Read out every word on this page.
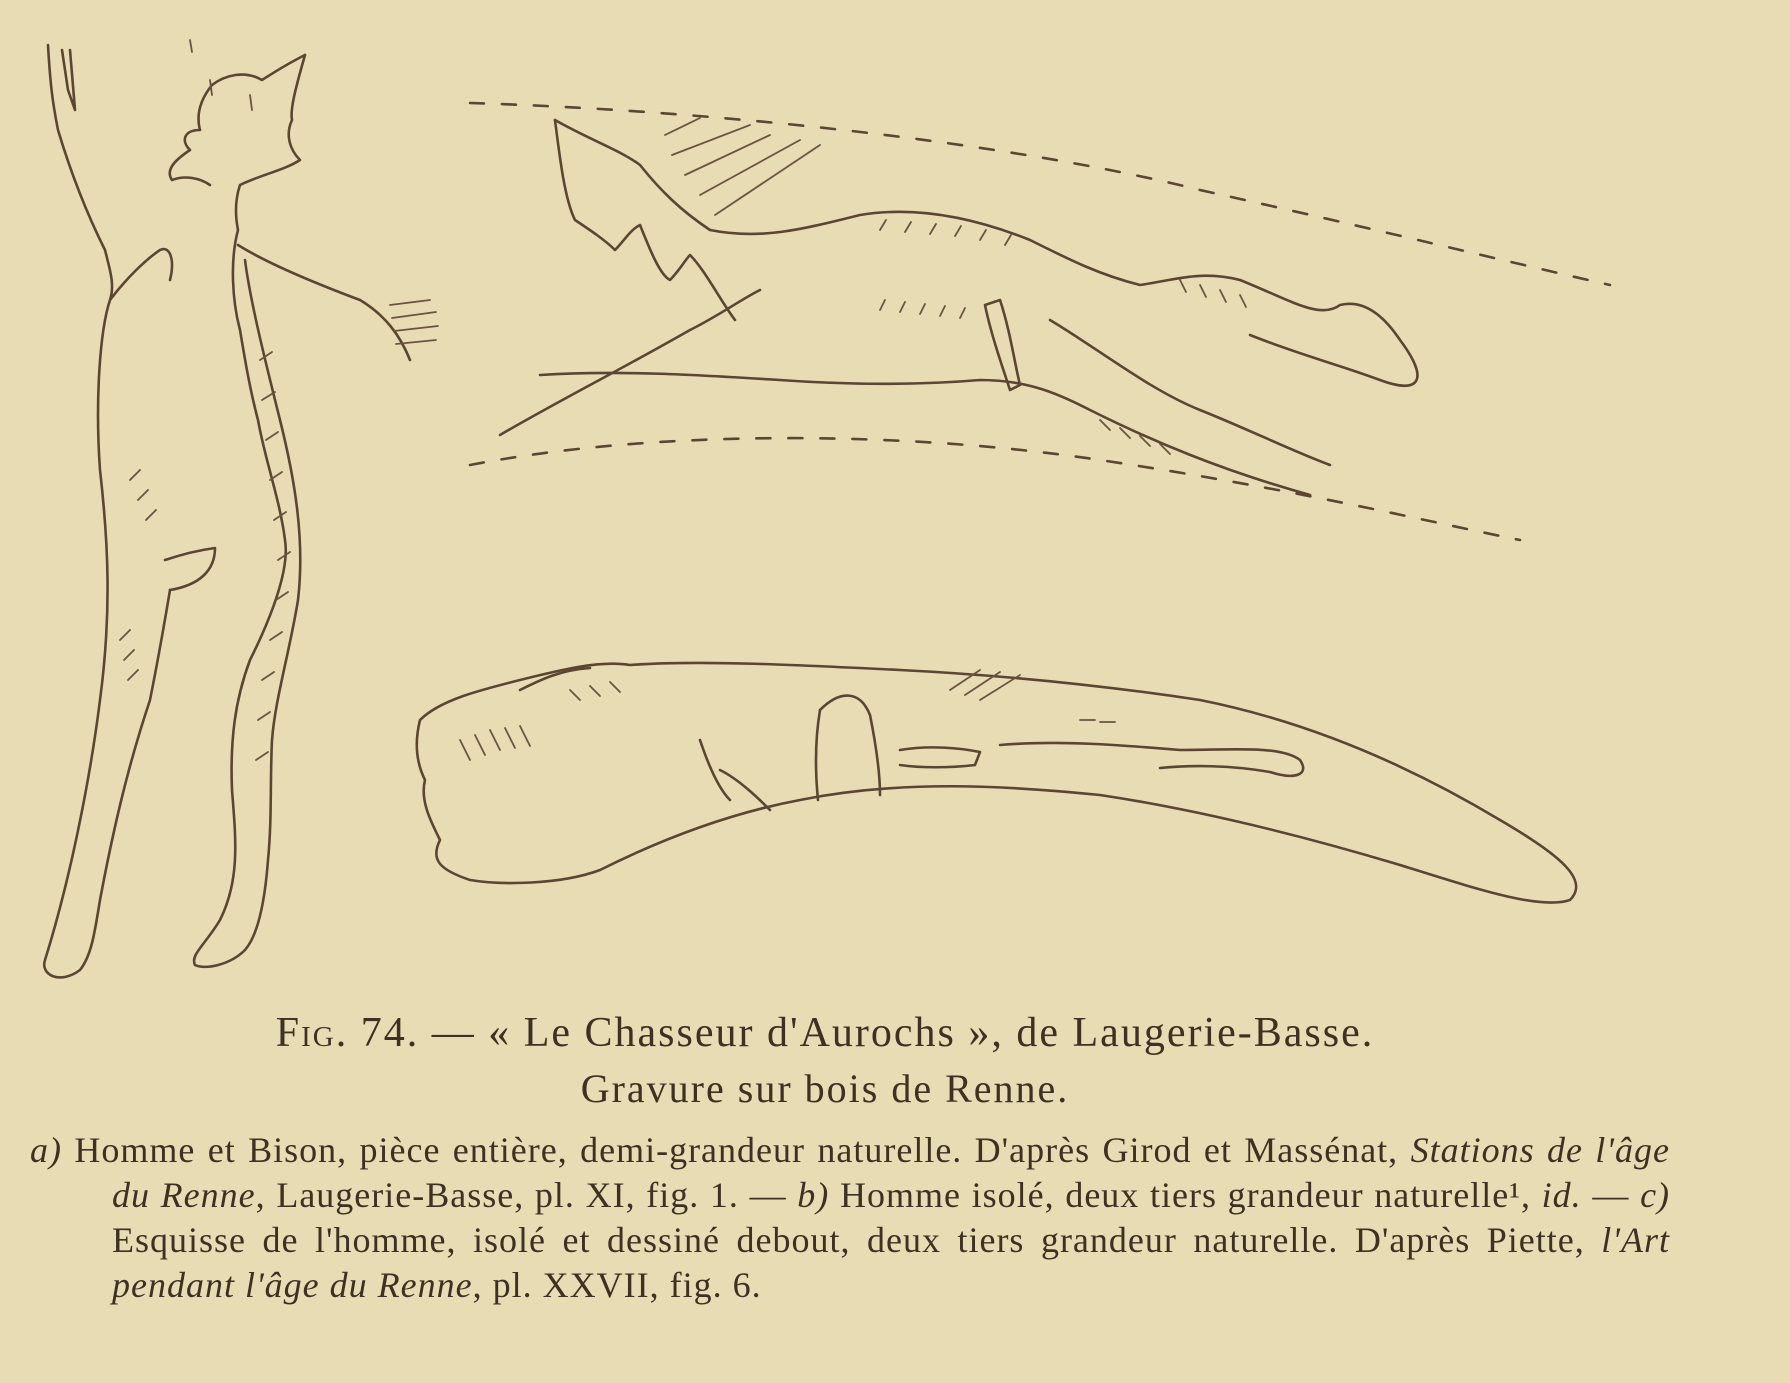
Fig. 74. — « Le Chasseur d'Aurochs », de Laugerie-Basse.
Gravure sur bois de Renne.

a) Homme et Bison, pièce entière, demi-grandeur naturelle. D'après Girod et Massénat, Stations de l'âge du Renne, Laugerie-Basse, pl. XI, fig. 1. — b) Homme isolé, deux tiers grandeur naturelle¹, id. — c) Esquisse de l'homme, isolé et dessiné debout, deux tiers grandeur naturelle. D'après Piette, l'Art pendant l'âge du Renne, pl. XXVII, fig. 6.
